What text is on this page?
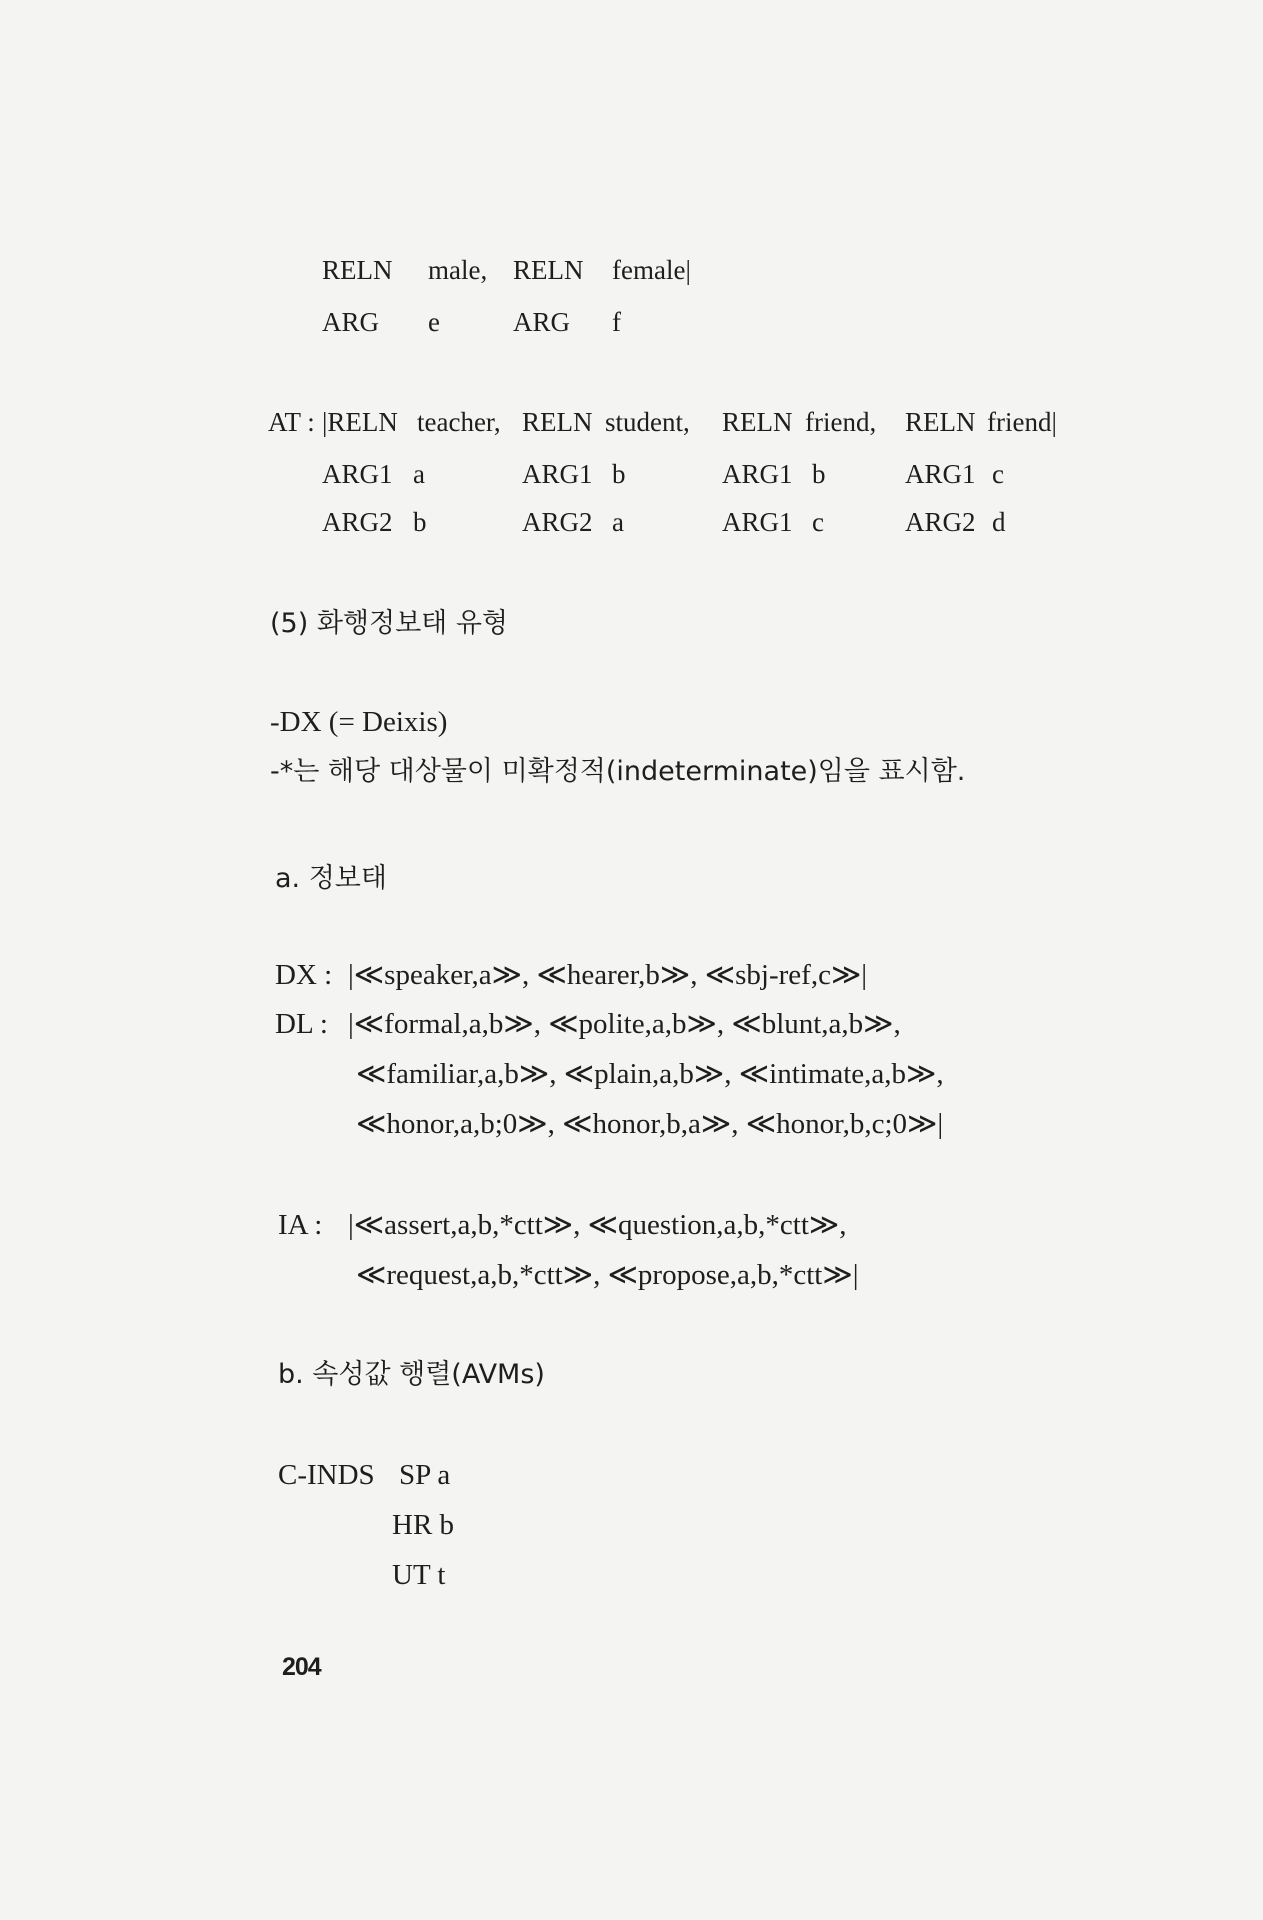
RELN male, RELN female|
ARG e	ARG f
AT : |RELN teacher, RELN student, RELN friend, RELN friend|
ARG1 a	ARG1 b	ARG1 b	ARG1 c
ARG2 b	ARG2 a	ARG1 c	ARG2 d
(5) 화행정보태 유형
-DX (= Deixis)
-*는 해당 대상물이 미확정적(indeterminate)임을 표시함.
a. 정보태
DX : |≪speaker,a≫, ≪hearer,b≫, ≪sbj-ref,c≫|
DL : |≪formal,a,b≫, ≪polite,a,b≫, ≪blunt,a,b≫,
≪familiar,a,b≫, ≪plain,a,b≫, ≪intimate,a,b≫,
≪honor,a,b;0≫, ≪honor,b,a≫, ≪honor,b,c;0≫|
IA : |≪assert,a,b,*ctt≫, ≪question,a,b,*ctt≫,
≪request,a,b,*ctt≫, ≪propose,a,b,*ctt≫|
b. 속성값 행렬(AVMs)
C-INDS SP a
HR b
UT t
204
